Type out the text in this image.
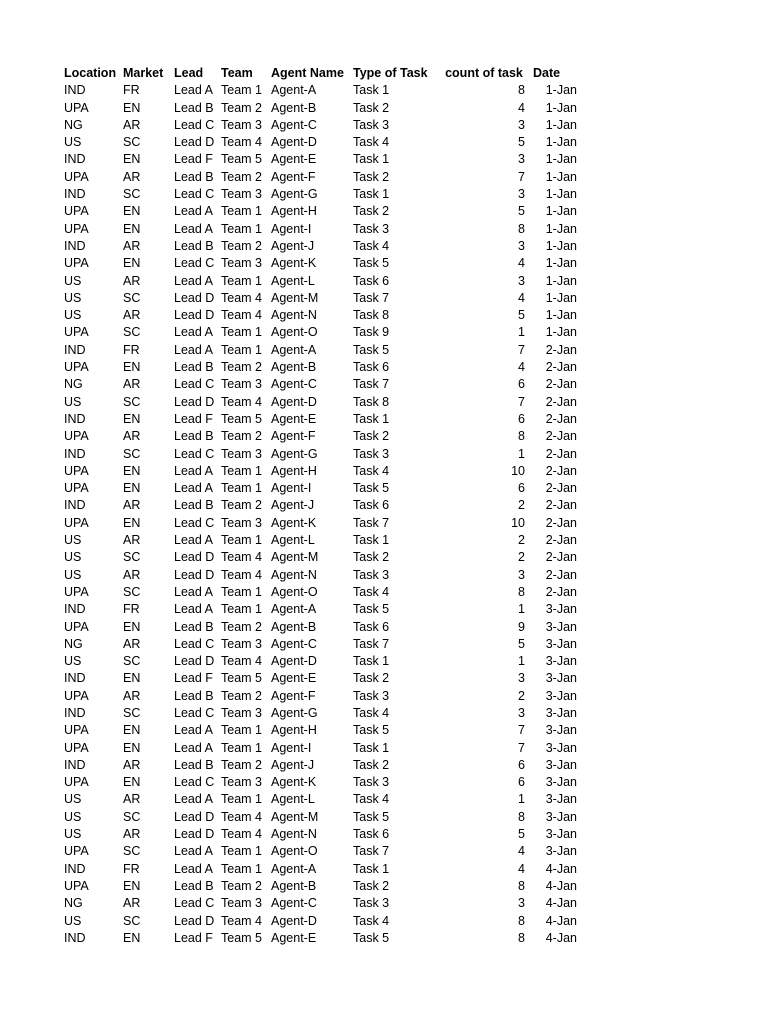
Location	Market	Lead	Team	Agent Name	Type of Task	count of task	Date
IND	FR	Lead A	Team 1	Agent-A	Task 1	8	1-Jan
UPA	EN	Lead B	Team 2	Agent-B	Task 2	4	1-Jan
NG	AR	Lead C	Team 3	Agent-C	Task 3	3	1-Jan
US	SC	Lead D	Team 4	Agent-D	Task 4	5	1-Jan
IND	EN	Lead F	Team 5	Agent-E	Task 1	3	1-Jan
UPA	AR	Lead B	Team 2	Agent-F	Task 2	7	1-Jan
IND	SC	Lead C	Team 3	Agent-G	Task 1	3	1-Jan
UPA	EN	Lead A	Team 1	Agent-H	Task 2	5	1-Jan
UPA	EN	Lead A	Team 1	Agent-I	Task 3	8	1-Jan
IND	AR	Lead B	Team 2	Agent-J	Task 4	3	1-Jan
UPA	EN	Lead C	Team 3	Agent-K	Task 5	4	1-Jan
US	AR	Lead A	Team 1	Agent-L	Task 6	3	1-Jan
US	SC	Lead D	Team 4	Agent-M	Task 7	4	1-Jan
US	AR	Lead D	Team 4	Agent-N	Task 8	5	1-Jan
UPA	SC	Lead A	Team 1	Agent-O	Task 9	1	1-Jan
IND	FR	Lead A	Team 1	Agent-A	Task 5	7	2-Jan
UPA	EN	Lead B	Team 2	Agent-B	Task 6	4	2-Jan
NG	AR	Lead C	Team 3	Agent-C	Task 7	6	2-Jan
US	SC	Lead D	Team 4	Agent-D	Task 8	7	2-Jan
IND	EN	Lead F	Team 5	Agent-E	Task 1	6	2-Jan
UPA	AR	Lead B	Team 2	Agent-F	Task 2	8	2-Jan
IND	SC	Lead C	Team 3	Agent-G	Task 3	1	2-Jan
UPA	EN	Lead A	Team 1	Agent-H	Task 4	10	2-Jan
UPA	EN	Lead A	Team 1	Agent-I	Task 5	6	2-Jan
IND	AR	Lead B	Team 2	Agent-J	Task 6	2	2-Jan
UPA	EN	Lead C	Team 3	Agent-K	Task 7	10	2-Jan
US	AR	Lead A	Team 1	Agent-L	Task 1	2	2-Jan
US	SC	Lead D	Team 4	Agent-M	Task 2	2	2-Jan
US	AR	Lead D	Team 4	Agent-N	Task 3	3	2-Jan
UPA	SC	Lead A	Team 1	Agent-O	Task 4	8	2-Jan
IND	FR	Lead A	Team 1	Agent-A	Task 5	1	3-Jan
UPA	EN	Lead B	Team 2	Agent-B	Task 6	9	3-Jan
NG	AR	Lead C	Team 3	Agent-C	Task 7	5	3-Jan
US	SC	Lead D	Team 4	Agent-D	Task 1	1	3-Jan
IND	EN	Lead F	Team 5	Agent-E	Task 2	3	3-Jan
UPA	AR	Lead B	Team 2	Agent-F	Task 3	2	3-Jan
IND	SC	Lead C	Team 3	Agent-G	Task 4	3	3-Jan
UPA	EN	Lead A	Team 1	Agent-H	Task 5	7	3-Jan
UPA	EN	Lead A	Team 1	Agent-I	Task 1	7	3-Jan
IND	AR	Lead B	Team 2	Agent-J	Task 2	6	3-Jan
UPA	EN	Lead C	Team 3	Agent-K	Task 3	6	3-Jan
US	AR	Lead A	Team 1	Agent-L	Task 4	1	3-Jan
US	SC	Lead D	Team 4	Agent-M	Task 5	8	3-Jan
US	AR	Lead D	Team 4	Agent-N	Task 6	5	3-Jan
UPA	SC	Lead A	Team 1	Agent-O	Task 7	4	3-Jan
IND	FR	Lead A	Team 1	Agent-A	Task 1	4	4-Jan
UPA	EN	Lead B	Team 2	Agent-B	Task 2	8	4-Jan
NG	AR	Lead C	Team 3	Agent-C	Task 3	3	4-Jan
US	SC	Lead D	Team 4	Agent-D	Task 4	8	4-Jan
IND	EN	Lead F	Team 5	Agent-E	Task 5	8	4-Jan
